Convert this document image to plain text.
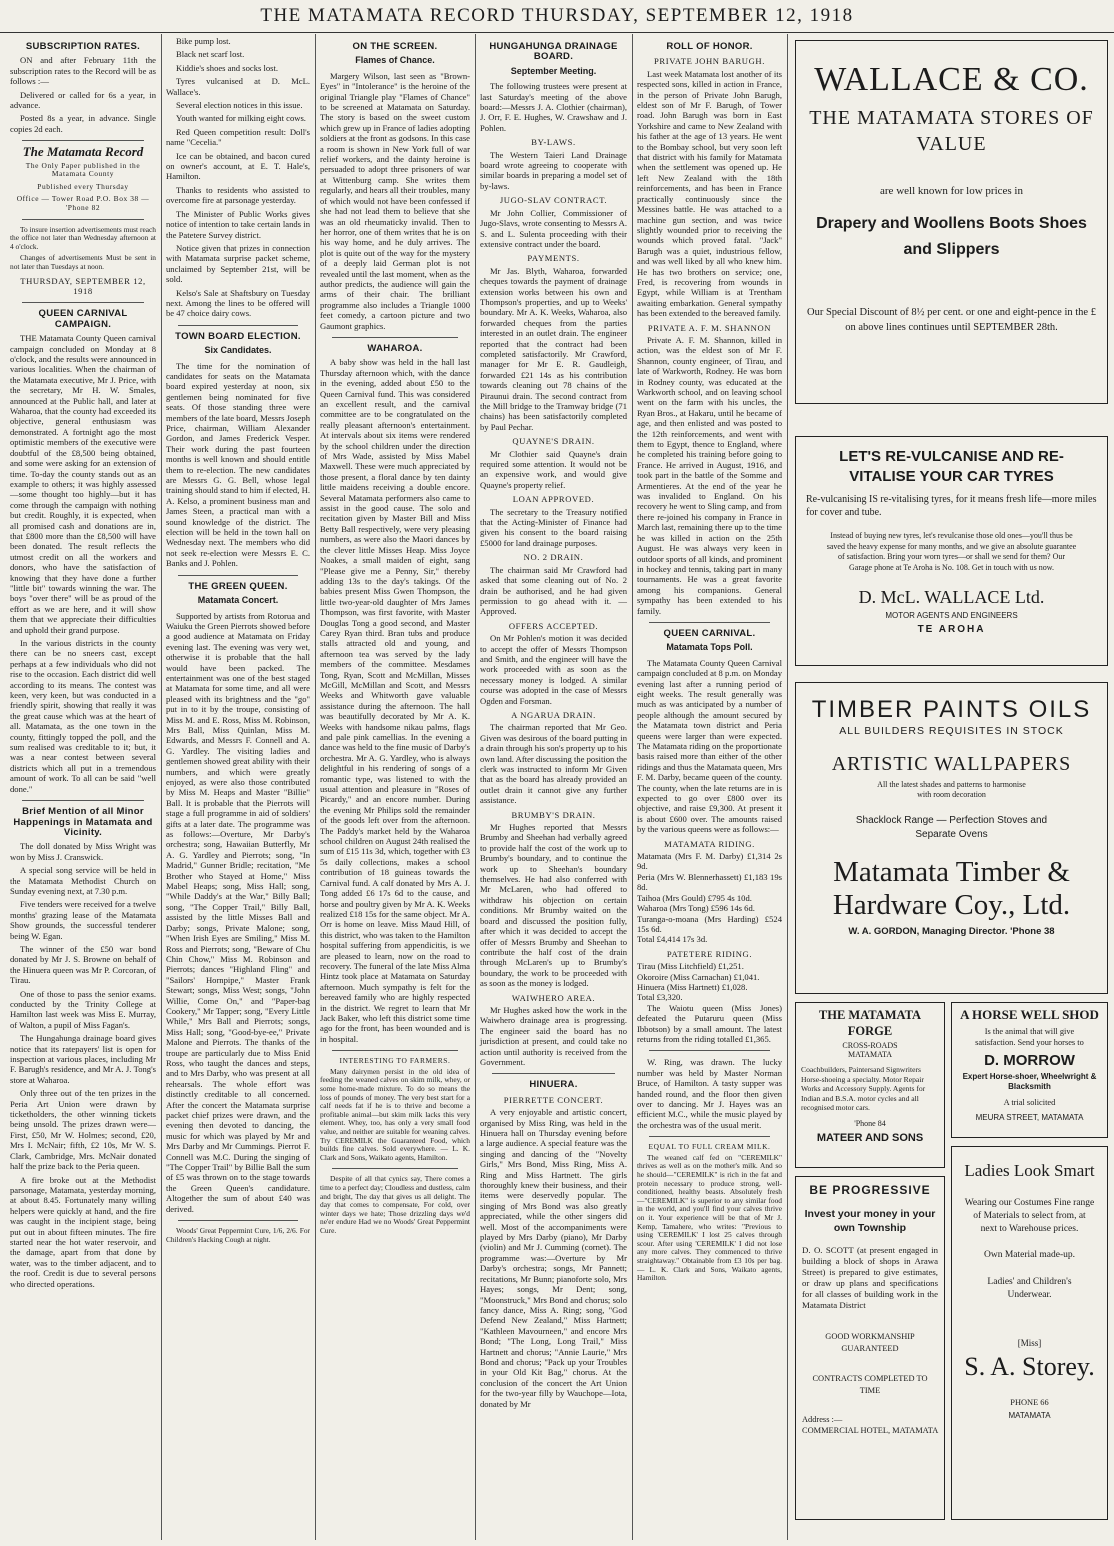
THE MATAMATA RECORD THURSDAY, SEPTEMBER 12, 1918
SUBSCRIPTION RATES.

ON and after February 11th the subscription rates to the Record will be as follows :—

Delivered or called for 6s a year, in advance.

Posted 8s a year, in advance. Single copies 2d each.

The Matamata Record
The Only Paper published in the Matamata County
Published every Thursday
Office — Tower Road P.O. Box 38 — 'Phone 82

To insure insertion advertisements must reach the office not later than Wednesday afternoon at 4 o'clock.

Changes of advertisements Must be sent in not later than Tuesdays at noon.

THURSDAY, SEPTEMBER 12, 1918
QUEEN CARNIVAL CAMPAIGN.

THE Matamata County Queen carnival campaign concluded on Monday at 8 o'clock, and the results were announced in various localities. When the chairman of the Matamata executive, Mr J. Price, with the secretary, Mr H. W. Smales, announced at the Public hall, and later at Waharoa, that the county had exceeded its objective, general enthusiasm was demonstrated. A fortnight ago the most optimistic members of the executive were doubtful of the £8,500 being obtained, and some were asking for an extension of time. To-day the county stands out as an example to others; it was highly assessed —some thought too highly—but it has come through the campaign with nothing but credit. Roughly, it is expected, when all promised cash and donations are in, that £800 more than the £8,500 will have been donated. The result reflects the utmost credit on all the workers and donors, who have the satisfaction of knowing that they have done a further "little bit" towards winning the war. The boys "over there" will be as proud of the effort as we are here, and it will show them that we appreciate their difficulties and uphold their grand purpose.

In the various districts in the county there can be no sneers cast, except perhaps at a few individuals who did not rise to the occasion. Each district did well according to its means. The contest was keen, very keen, but was conducted in a friendly spirit, showing that really it was the great cause which was at the heart of all. Matamata, as the one town in the county, fittingly topped the poll, and the sum realised was creditable to it; but, it was a near contest between several districts which all put in a tremendous amount of work. To all can be said "well done."

Brief Mention of all Minor Happenings in Matamata and Vicinity.

The doll donated by Miss Wright was won by Miss J. Cranswick.

A special song service will be held in the Matamata Methodist Church on Sunday evening next, at 7.30 p.m.

Five tenders were received for a twelve months' grazing lease of the Matamata Show grounds, the successful tenderer being W. Egan.

The winner of the £50 war bond donated by Mr J. S. Browne on behalf of the Hinuera queen was Mr P. Corcoran, of Tirau.

One of those to pass the senior exams. conducted by the Trinity College at Hamilton last week was Miss E. Murray, of Walton, a pupil of Miss Fagan's.

The Hungahunga drainage board gives notice that its ratepayers' list is open for inspection at various places, including Mr F. Barugh's residence, and Mr A. J. Tong's store at Waharoa.

Only three out of the ten prizes in the Peria Art Union were drawn by ticketholders, the other winning tickets being unsold. The prizes drawn were—First, £50, Mr W. Holmes; second, £20, Mrs I. McNair; fifth, £2 10s, Mr W. S. Clark, Cambridge, Mrs. McNair donated half the prize back to the Peria queen.

A fire broke out at the Methodist parsonage, Matamata, yesterday morning, at about 8.45. Fortunately many willing helpers were quickly at hand, and the fire was caught in the incipient stage, being put out in about fifteen minutes. The fire started near the hot water reservoir, and the damage, apart from that done by water, was to the timber adjacent, and to the roof. Credit is due to several persons who directed operations.

Bike pump lost.

Black net scarf lost.

Kiddie's shoes and socks lost.

Tyres vulcanised at D. McL. Wallace's.

Several election notices in this issue.

Youth wanted for milking eight cows.

Red Queen competition result: Doll's name "Cecelia."

Ice can be obtained, and bacon cured on owner's account, at E. T. Hale's, Hamilton.

Thanks to residents who assisted to overcome fire at parsonage yesterday.

The Minister of Public Works gives notice of intention to take certain lands in the Patetere Survey district.

Notice given that prizes in connection with Matamata surprise packet scheme, unclaimed by September 21st, will be sold.

Kelso's Sale at Shaftsbury on Tuesday next. Among the lines to be offered will be 47 choice dairy cows.

TOWN BOARD ELECTION.
Six Candidates.

The time for the nomination of candidates for seats on the Matamata board expired yesterday at noon, six gentlemen being nominated for five seats. Of those standing three were members of the late board, Messrs Joseph Price, chairman, William Alexander Gordon, and James Frederick Vesper. Their work during the past fourteen months is well known and should entitle them to re-election. The new candidates are Messrs G. G. Bell, whose legal training should stand to him if elected, H. A. Kelso, a prominent business man and James Steen, a practical man with a sound knowledge of the district. The election will be held in the town hall on Wednesday next. The members who did not seek re-election were Messrs E. C. Banks and J. Pohlen.

THE GREEN QUEEN.
Matamata Concert.

Supported by artists from Rotorua and Waiuku the Green Pierrots showed before a good audience at Matamata on Friday evening last. The evening was very wet, otherwise it is probable that the hall would have been packed. The entertainment was one of the best staged at Matamata for some time, and all were pleased with its brightness and the "go" put in to it by the troupe, consisting of Miss M. and E. Ross, Miss M. Robinson, Mrs Ball, Miss Quinlan, Miss M. Edwards, and Messrs F. Connell and A. G. Yardley. The visiting ladies and gentlemen showed great ability with their numbers, and which were greatly enjoyed, as were also those contributed by Miss M. Heaps and Master "Billie" Ball. It is probable that the Pierrots will stage a full programme in aid of soldiers' gifts at a later date. The programme was as follows:—Overture, Mr Darby's orchestra; song, Hawaiian Butterfly, Mr A. G. Yardley and Pierrots; song, "In Madrid," Gunner Bridle; recitation, "Me Brother who Stayed at Home," Miss Mabel Heaps; song, Miss Hall; song, "While Daddy's at the War," Billy Ball; song, "The Copper Trail," Billy Ball, assisted by the little Misses Ball and Darby; songs, Private Malone; song, "When Irish Eyes are Smiling," Miss M. Ross and Pierrots; song, "Beware of Chu Chin Chow," Miss M. Robinson and Pierrots; dances "Highland Fling" and "Sailors' Hornpipe," Master Frank Stewart; songs, Miss West; songs, "John Willie, Come On," and "Paper-bag Cookery," Mr Tapper; song, "Every Little While," Mrs Ball and Pierrots; songs, Miss Hall; song, "Good-bye-ee," Private Malone and Pierrots. The thanks of the troupe are particularly due to Miss Enid Ross, who taught the dances and steps, and to Mrs Darby, who was present at all rehearsals. The whole effort was distinctly creditable to all concerned. After the concert the Matamata surprise packet chief prizes were drawn, and the evening then devoted to dancing, the music for which was played by Mr and Mrs Darby and Mr Cummings. Pierrot F. Connell was M.C. During the singing of "The Copper Trail" by Billie Ball the sum of £5 was thrown on to the stage towards the Green Queen's candidature. Altogether the sum of about £40 was derived.

Woods' Great Peppermint Cure, 1/6, 2/6. For Children's Hacking Cough at night.

ON THE SCREEN.
Flames of Chance.

Margery Wilson, last seen as "Brown-Eyes" in "Intolerance" is the heroine of the original Triangle play "Flames of Chance" to be screened at Matamata on Saturday. The story is based on the sweet custom which grew up in France of ladies adopting soldiers at the front as godsons. In this case a room is shown in New York full of war relief workers, and the dainty heroine is persuaded to adopt three prisoners of war at Wittenburg camp. She writes them regularly, and hears all their troubles, many of which would not have been confessed if she had not lead them to believe that she was an old rheumaticky invalid. Then to her horror, one of them writes that he is on his way home, and he duly arrives. The plot is quite out of the way for the mystery of a deeply laid German plot is not revealed until the last moment, when as the author predicts, the audience will gain the arms of their chair. The brilliant programme also includes a Triangle 1000 feet comedy, a cartoon picture and two Gaumont graphics.

WAHAROA.

A baby show was held in the hall last Thursday afternoon which, with the dance in the evening, added about £50 to the Queen Carnival fund. This was considered an excellent result, and the carnival committee are to be congratulated on the really pleasant afternoon's entertainment. At intervals about six items were rendered by the school children under the direction of Mrs Wade, assisted by Miss Mabel Maxwell. These were much appreciated by those present, a floral dance by ten dainty little maidens receiving a double encore. Several Matamata performers also came to assist in the good cause. The solo and recitation given by Master Bill and Miss Betty Ball respectively, were very pleasing numbers, as were also the Maori dances by the clever little Misses Heap. Miss Joyce Noakes, a small maiden of eight, sang "Please give me a Penny, Sir," thereby adding 13s to the day's takings. Of the babies present Miss Gwen Thompson, the little two-year-old daughter of Mrs James Thompson, was first favorite, with Master Douglas Tong a good second, and Master Carey Ryan third. Bran tubs and produce stalls attracted old and young, and afternoon tea was served by the lady members of the committee. Mesdames Tong, Ryan, Scott and McMillan, Misses McGill, McMillan and Scott, and Messrs Weeks and Whitworth gave valuable assistance during the afternoon. The hall was beautifully decorated by Mr A. K. Weeks with handsome nikau palms, flags and pale pink camellias. In the evening a dance was held to the fine music of Darby's orchestra. Mr A. G. Yardley, who is always delightful in his rendering of songs of a romantic type, was listened to with the usual attention and pleasure in "Roses of Picardy," and an encore number. During the evening Mr Philips sold the remainder of the goods left over from the afternoon. The Paddy's market held by the Waharoa school children on August 24th realised the sum of £15 11s 3d, which, together with £3 5s daily collections, makes a school contribution of 18 guineas towards the Carnival fund. A calf donated by Mrs A. J. Tong added £6 17s 6d to the cause, and horse and poultry given by Mr A. K. Weeks realized £18 15s for the same object. Mr A. Orr is home on leave. Miss Maud Hill, of this district, who was taken to the Hamilton hospital suffering from appendicitis, is we are pleased to learn, now on the road to recovery. The funeral of the late Miss Alma Hintz took place at Matamata on Saturday afternoon. Much sympathy is felt for the bereaved family who are highly respected in the district. We regret to learn that Mr Jack Baker, who left this district some time ago for the front, has been wounded and is in hospital.

INTERESTING TO FARMERS.

Many dairymen persist in the old idea of feeding the weaned calves on skim milk, whey, or some home-made mixture. To do so means the loss of pounds of money. The very best start for a calf needs fat if he is to thrive and become a profitable animal—but skim milk lacks this very element. Whey, too, has only a very small food value, and neither are suitable for weaning calves. Try CEREMILK the Guaranteed Food, which builds fine calves. Sold everywhere. — L. K. Clark and Sons, Waikato agents, Hamilton.

Despite of all that cynics say, There comes a time to a perfect day; Cloudless and dustless, calm and bright, The day that gives us all delight. The day that comes to compensate, For cold, over winter days we hate; Those drizzling days we'd ne'er endure Had we no Woods' Great Peppermint Cure.

HUNGAHUNGA DRAINAGE BOARD.
September Meeting.

The following trustees were present at last Saturday's meeting of the above board:—Messrs J. A. Clothier (chairman), J. Orr, F. E. Hughes, W. Crawshaw and J. Pohlen.

BY-LAWS.

The Western Taieri Land Drainage board wrote agreeing to cooperate with similar boards in preparing a model set of by-laws.

JUGO-SLAV CONTRACT.

Mr John Collier, Commissioner of Jugo-Slavs, wrote consenting to Messrs A. S. and L. Sulenta proceeding with their extensive contract under the board.

PAYMENTS.

Mr Jas. Blyth, Waharoa, forwarded cheques towards the payment of drainage extension works between his own and Thompson's properties, and up to Weeks' boundary. Mr A. K. Weeks, Waharoa, also forwarded cheques from the parties interested in an outlet drain. The engineer reported that the contract had been completed satisfactorily. Mr Crawford, manager for Mr E. R. Gaudleigh, forwarded £21 14s as his contribution towards cleaning out 78 chains of the Piraunui drain. The second contract from the Mill bridge to the Tramway bridge (71 chains) has been satisfactorily completed by Paul Pechar.

QUAYNE'S DRAIN.

Mr Clothier said Quayne's drain required some attention. It would not be an expensive work, and would give Quayne's property relief.

LOAN APPROVED.

The secretary to the Treasury notified that the Acting-Minister of Finance had given his consent to the board raising £5000 for land drainage purposes.

NO. 2 DRAIN.

The chairman said Mr Crawford had asked that some cleaning out of No. 2 drain be authorised, and he had given permission to go ahead with it. —Approved.

OFFERS ACCEPTED.

On Mr Pohlen's motion it was decided to accept the offer of Messrs Thompson and Smith, and the engineer will have the work proceeded with as soon as the necessary money is lodged. A similar course was adopted in the case of Messrs Ogden and Forsman.

A NGARUA DRAIN.

The chairman reported that Mr Geo. Given was desirous of the board putting in a drain through his son's property up to his own land. After discussing the position the clerk was instructed to inform Mr Given that as the board has already provided an outlet drain it cannot give any further assistance.

BRUMBY'S DRAIN.

Mr Hughes reported that Messrs Brumby and Sheehan had verbally agreed to provide half the cost of the work up to Brumby's boundary, and to continue the work up to Sheehan's boundary themselves. He had also conferred with Mr McLaren, who had offered to withdraw his objection on certain conditions. Mr Brumby waited on the board and discussed the position fully, after which it was decided to accept the offer of Messrs Brumby and Sheehan to contribute the half cost of the drain through McLaren's up to Brumby's boundary, the work to be proceeded with as soon as the money is lodged.

WAIWHERO AREA.

Mr Hughes asked how the work in the Waiwhero drainage area is progressing. The engineer said the board has no jurisdiction at present, and could take no action until authority is received from the Government.

HINUERA.
PIERRETTE CONCERT.

A very enjoyable and artistic concert, organised by Miss Ring, was held in the Hinuera hall on Thursday evening before a large audience. A special feature was the singing and dancing of the "Novelty Girls," Mrs Bond, Miss Ring, Miss A. Ring and Miss Hartnett. The girls thoroughly knew their business, and their items were deservedly popular. The singing of Mrs Bond was also greatly appreciated, while the other singers did well. Most of the accompaniments were played by Mrs Darby (piano), Mr Darby (violin) and Mr J. Cumming (cornet). The programme was:—Overture by Mr Darby's orchestra; songs, Mr Pannett; recitations, Mr Bunn; pianoforte solo, Mrs Hayes; songs, Mr Dent; song, "Moonstruck," Mrs Bond and chorus; solo fancy dance, Miss A. Ring; song, "God Defend New Zealand," Miss Hartnett; "Kathleen Mavourneen," and encore Mrs Bond; "The Long, Long Trail," Miss Hartnett and chorus; "Annie Laurie," Mrs Bond and chorus; "Pack up your Troubles in your Old Kit Bag," chorus. At the conclusion of the concert the Art Union for the two-year filly by Wauchope—Iota, donated by Mr

ROLL OF HONOR.
PRIVATE JOHN BARUGH.

Last week Matamata lost another of its respected sons, killed in action in France, in the person of Private John Barugh, eldest son of Mr F. Barugh, of Tower road. John Barugh was born in East Yorkshire and came to New Zealand with his father at the age of 13 years. He went to the Bombay school, but very soon left that district with his family for Matamata when the settlement was opened up. He left New Zealand with the 18th reinforcements, and has been in France practically continuously since the Messines battle. He was attached to a machine gun section, and was twice slightly wounded prior to receiving the wounds which proved fatal. "Jack" Barugh was a quiet, industrious fellow, and was well liked by all who knew him. He has two brothers on service; one, Fred, is recovering from wounds in Egypt, while William is at Trentham awaiting embarkation. General sympathy has been extended to the bereaved family.

PRIVATE A. F. M. SHANNON

Private A. F. M. Shannon, killed in action, was the eldest son of Mr F. Shannon, county engineer, of Tirau, and late of Warkworth, Rodney. He was born in Rodney county, was educated at the Warkworth school, and on leaving school went on the farm with his uncles, the Ryan Bros., at Hakaru, until he became of age, and then enlisted and was posted to the 12th reinforcements, and went with them to Egypt, thence to England, where he completed his training before going to France. He arrived in August, 1916, and took part in the battle of the Somme and Armentieres. At the end of the year he was invalided to England. On his recovery he went to Sling camp, and from there re-joined his company in France in March last, remaining there up to the time he was killed in action on the 25th August. He was always very keen in outdoor sports of all kinds, and prominent in hockey and tennis, taking part in many tournaments. He was a great favorite among his companions. General sympathy has been extended to his family.

QUEEN CARNIVAL.
Matamata Tops Poll.

The Matamata County Queen Carnival campaign concluded at 8 p.m. on Monday evening last after a running period of eight weeks. The result generally was much as was anticipated by a number of people although the amount secured by the Matamata town district and Peria queens were larger than were expected. The Matamata riding on the proportionate basis raised more than either of the other ridings and thus the Matamata queen, Mrs F. M. Darby, became queen of the county. The county, when the late returns are in is expected to go over £800 over its objective, and raise £9,300. At present it is about £600 over. The amounts raised by the various queens were as follows:—

MATAMATA RIDING.
Matamata (Mrs F. M. Darby) £1,314 2s 9d.
Peria (Mrs W. Blennerhassett) £1,183 19s 8d.
Taihoa (Mrs Gould) £795 4s 10d.
Waharoa (Mrs Tong) £596 14s 6d.
Turanga-o-moana (Mrs Harding) £524 15s 6d.
Total £4,414 17s 3d.
PATETERE RIDING.
Tirau (Miss Litchfield) £1,251.
Okoroire (Miss Carnachan) £1,041.
Hinuera (Miss Hartnett) £1,028.
Total £3,320.

The Waiotu queen (Miss Jones) defeated the Putaruru queen (Miss Ibbotson) by a small amount. The latest returns from the riding totalled £1,365.

W. Ring, was drawn. The lucky number was held by Master Norman Bruce, of Hamilton. A tasty supper was handed round, and the floor then given over to dancing. Mr J. Hayes was an efficient M.C., while the music played by the orchestra was of the usual merit.

EQUAL TO FULL CREAM MILK.

The weaned calf fed on "CEREMILK" thrives as well as on the mother's milk. And so he should—"CEREMILK" is rich in the fat and protein necessary to produce strong, well-conditioned, healthy beasts. Absolutely fresh—"CEREMILK" is superior to any similar food in the world, and you'll find your calves thrive on it. Your experience will be that of Mr J. Kemp, Tamahere, who writes: "Previous to using 'CEREMILK' I lost 25 calves through scour. After using 'CEREMILK' I did not lose any more calves. They commenced to thrive straightaway." Obtainable from £3 10s per bag. — L. K. Clark and Sons, Waikato agents, Hamilton.

WALLACE & CO.
THE MATAMATA STORES OF VALUE
are well known for low prices in
Drapery and Woollens Boots Shoes and Slippers
Our Special Discount of 8½ per cent. or one and eight-pence in the £ on above lines continues until SEPTEMBER 28th.
LET'S RE-VULCANISE AND RE-VITALISE YOUR CAR TYRES
Re-vulcanising IS re-vitalising tyres, for it means fresh life—more miles for cover and tube.
Instead of buying new tyres, let's revulcanise those old ones—you'll thus be saved the heavy expense for many months, and we give an absolute guarantee of satisfaction. Bring your worn tyres—or shall we send for them? Our Garage phone at Te Aroha is No. 108. Get in touch with us now.
D. McL. WALLACE Ltd.
MOTOR AGENTS AND ENGINEERS
TE AROHA
TIMBER PAINTS OILS
ALL BUILDERS REQUISITES IN STOCK
ARTISTIC WALLPAPERS
All the latest shades and patterns to harmonise with room decoration
Shacklock Range — Perfection Stoves and Separate Ovens
Matamata Timber & Hardware Coy., Ltd.
W. A. GORDON, Managing Director. 'Phone 38
THE MATAMATA FORGE
CROSS-ROADS MATAMATA
Coachbuilders, Paintersand Signwriters Horse-shoeing a specialty. Motor Repair Works and Accessory Supply. Agents for Indian and B.S.A. motor cycles and all recognised motor cars.
'Phone 84
MATEER AND SONS
A HORSE WELL SHOD
Is the animal that will give satisfaction. Send your horses to
D. MORROW
Expert Horse-shoer, Wheelwright & Blacksmith
A trial solicited
MEURA STREET, MATAMATA
BE PROGRESSIVE
Invest your money in your own Township
D. O. SCOTT (at present engaged in building a block of shops in Arawa Street) is prepared to give estimates, or draw up plans and specifications for all classes of building work in the Matamata District
GOOD WORKMANSHIP GUARANTEED
CONTRACTS COMPLETED TO TIME
Address :—
COMMERCIAL HOTEL, MATAMATA
Ladies Look Smart
Wearing our Costumes Fine range of Materials to select from, at next to Warehouse prices.
Own Material made-up.
Ladies' and Children's Underwear.
[Miss]
S. A. Storey.
PHONE 66
MATAMATA
